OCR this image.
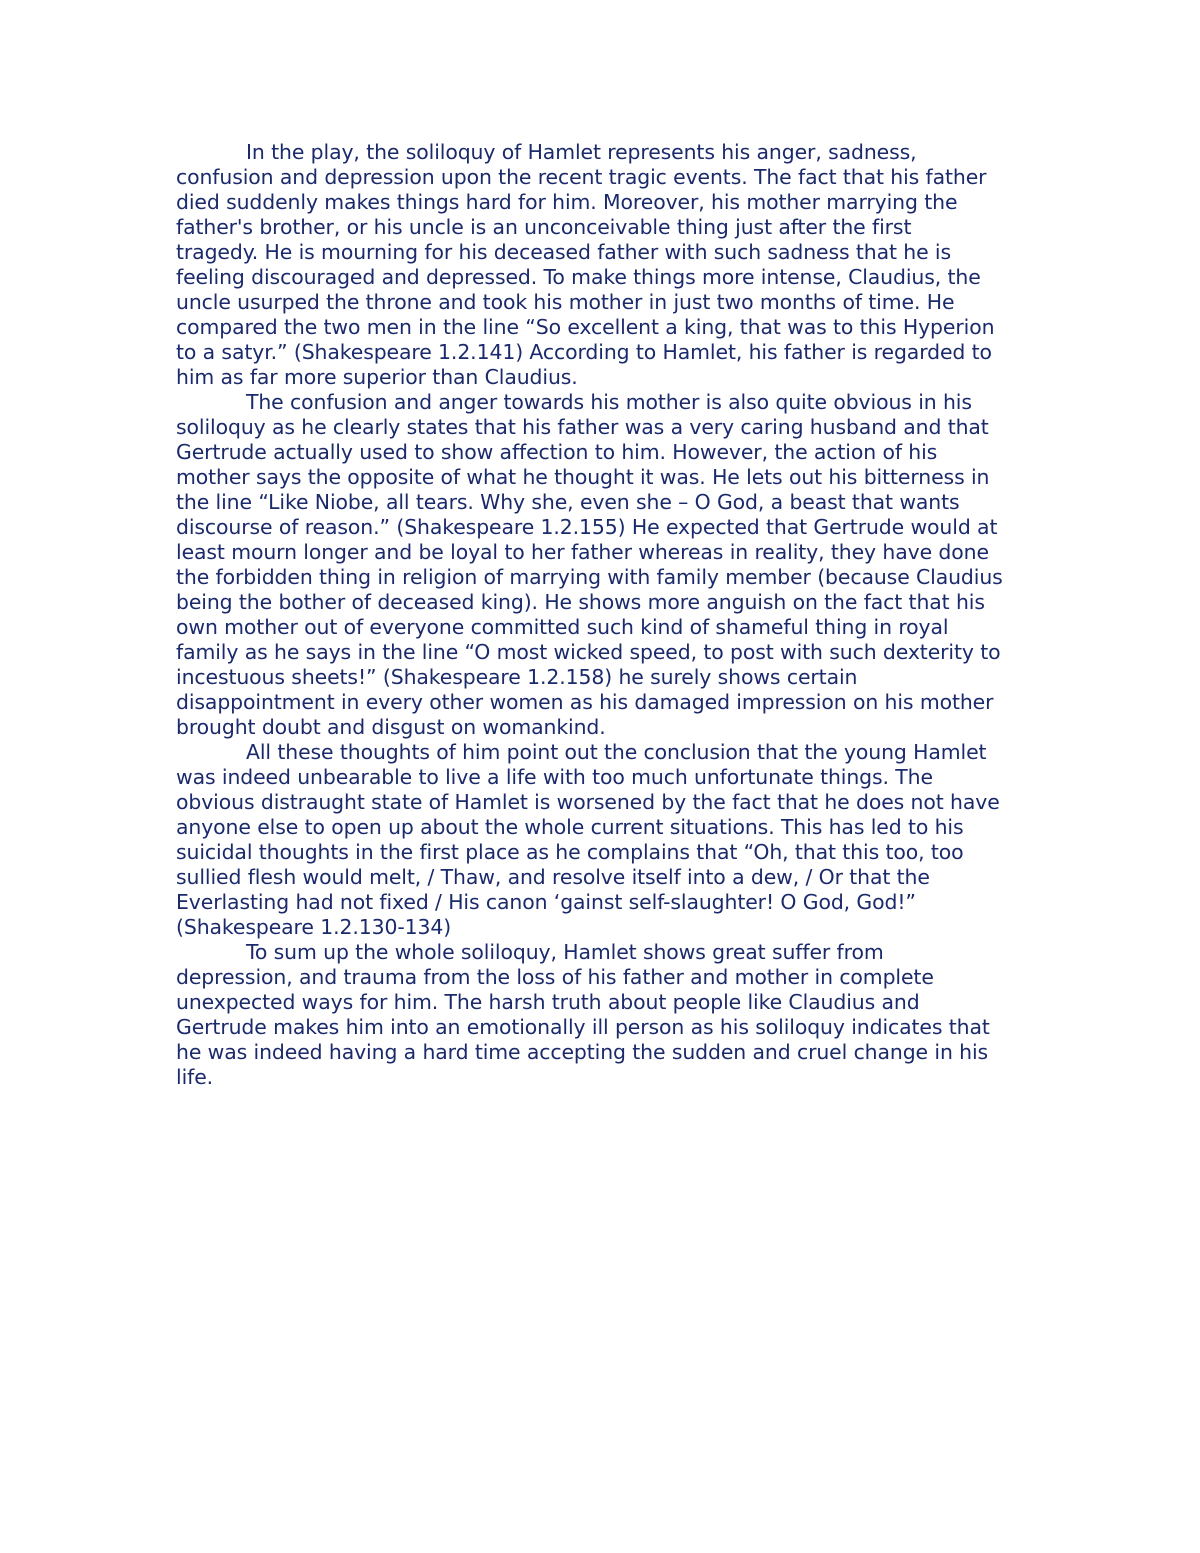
In the play, the soliloquy of Hamlet represents his anger, sadness,
confusion and depression upon the recent tragic events. The fact that his father
died suddenly makes things hard for him. Moreover, his mother marrying the
father's brother, or his uncle is an unconceivable thing just after the first
tragedy. He is mourning for his deceased father with such sadness that he is
feeling discouraged and depressed. To make things more intense, Claudius, the
uncle usurped the throne and took his mother in just two months of time. He
compared the two men in the line “So excellent a king, that was to this Hyperion
to a satyr.” (Shakespeare 1.2.141) According to Hamlet, his father is regarded to
him as far more superior than Claudius.
The confusion and anger towards his mother is also quite obvious in his
soliloquy as he clearly states that his father was a very caring husband and that
Gertrude actually used to show affection to him. However, the action of his
mother says the opposite of what he thought it was. He lets out his bitterness in
the line “Like Niobe, all tears. Why she, even she – O God, a beast that wants
discourse of reason.” (Shakespeare 1.2.155) He expected that Gertrude would at
least mourn longer and be loyal to her father whereas in reality, they have done
the forbidden thing in religion of marrying with family member (because Claudius
being the bother of deceased king). He shows more anguish on the fact that his
own mother out of everyone committed such kind of shameful thing in royal
family as he says in the line “O most wicked speed, to post with such dexterity to
incestuous sheets!” (Shakespeare 1.2.158) he surely shows certain
disappointment in every other women as his damaged impression on his mother
brought doubt and disgust on womankind.
All these thoughts of him point out the conclusion that the young Hamlet
was indeed unbearable to live a life with too much unfortunate things. The
obvious distraught state of Hamlet is worsened by the fact that he does not have
anyone else to open up about the whole current situations. This has led to his
suicidal thoughts in the first place as he complains that “Oh, that this too, too
sullied flesh would melt, / Thaw, and resolve itself into a dew, / Or that the
Everlasting had not fixed / His canon ‘gainst self-slaughter! O God, God!”
(Shakespeare 1.2.130-134)
To sum up the whole soliloquy, Hamlet shows great suffer from
depression, and trauma from the loss of his father and mother in complete
unexpected ways for him. The harsh truth about people like Claudius and
Gertrude makes him into an emotionally ill person as his soliloquy indicates that
he was indeed having a hard time accepting the sudden and cruel change in his
life.
